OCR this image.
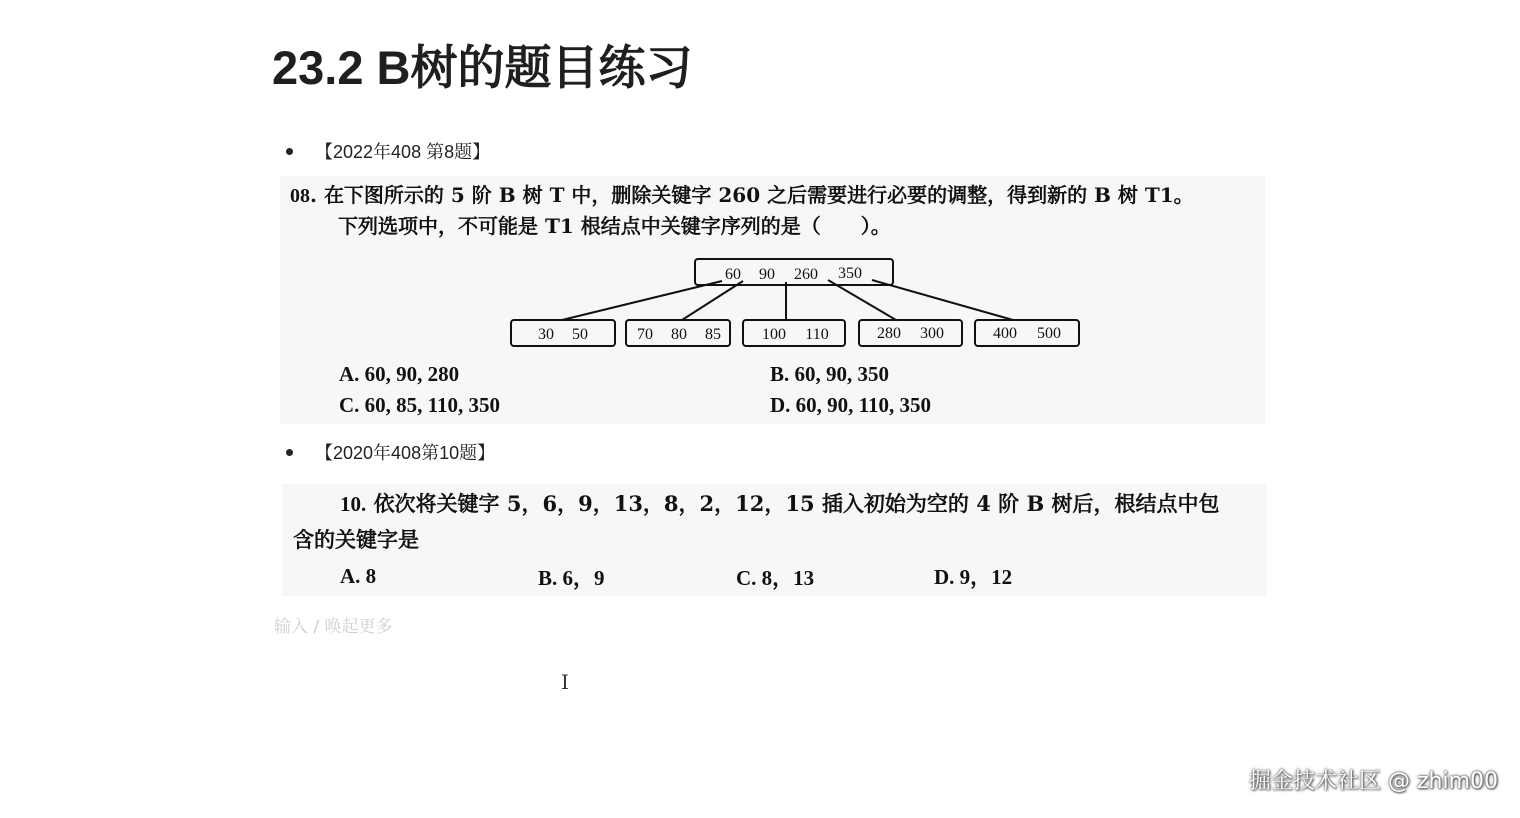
23.2 B树的题目练习
【2022年408 第8题】
08. 在下图所示的 5 阶 B 树 T 中，删除关键字 260 之后需要进行必要的调整，得到新的 B 树 T1。
下列选项中，不可能是 T1 根结点中关键字序列的是（　　）。
60 90 260 350
30 50	70 80 85	100 110	280 300	400 500
A. 60, 90, 280	B. 60, 90, 350
C. 60, 85, 110, 350	D. 60, 90, 110, 350
【2020年408第10题】
10. 依次将关键字 5，6，9，13，8，2，12，15 插入初始为空的 4 阶 B 树后，根结点中包
含的关键字是
A. 8	B. 6，9	C. 8，13	D. 9，12
输入 / 唤起更多
I
掘金技术社区 @ zhim00
